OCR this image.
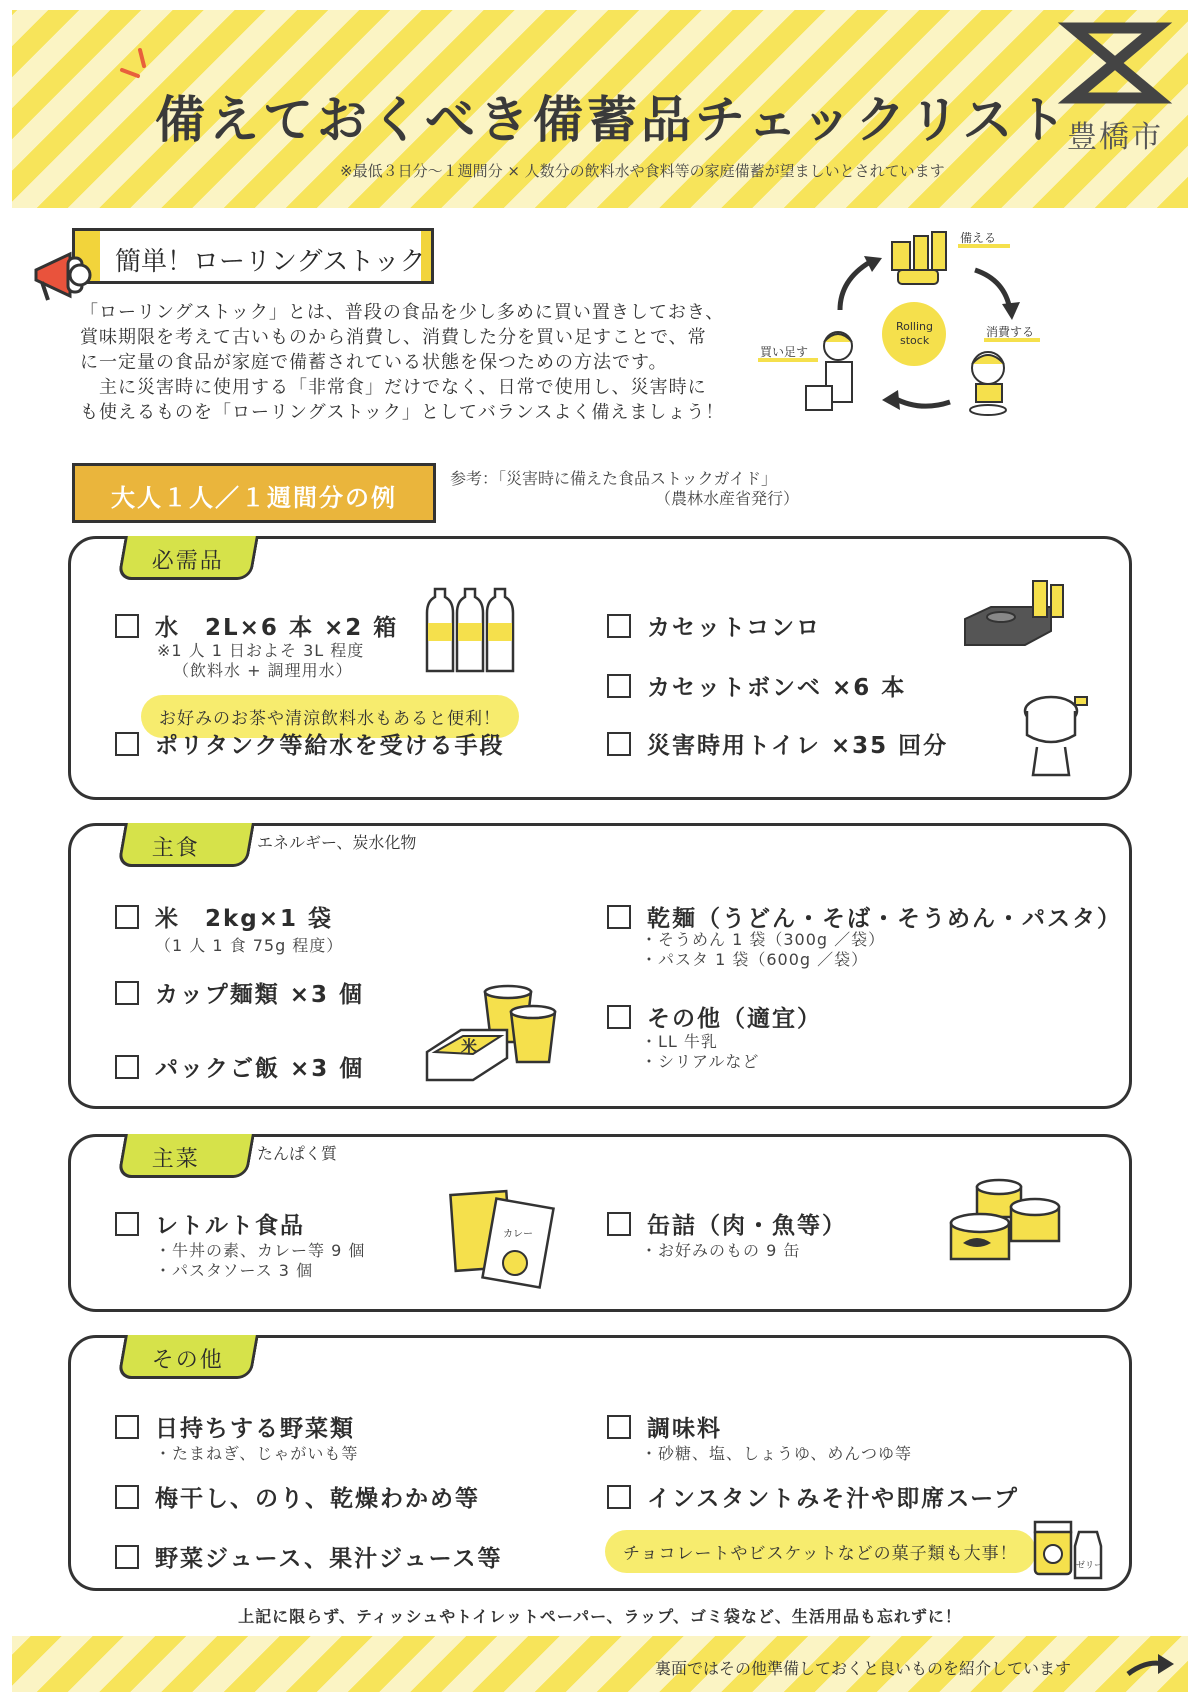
備えておくべき備蓄品チェックリスト
※最低３日分〜１週間分 × 人数分の飲料水や食料等の家庭備蓄が望ましいとされています
豊橋市
簡単！ローリングストック
「ローリングストック」とは、普段の食品を少し多めに買い置きしておき、
賞味期限を考えて古いものから消費し、消費した分を買い足すことで、常
に一定量の食品が家庭で備蓄されている状態を保つための方法です。
　主に災害時に使用する「非常食」だけでなく、日常で使用し、災害時に
も使えるものを「ローリングストック」としてバランスよく備えましょう！
備える
Rolling
stock
消費する
買い足す
大人１人／１週間分の例
参考：「災害時に備えた食品ストックガイド」
（農林水産省発行）
必需品
水　2L×6 本 ×2 箱
※1 人 1 日およそ 3L 程度
（飲料水 + 調理用水）
お好みのお茶や清涼飲料水もあると便利！
ポリタンク等給水を受ける手段
カセットコンロ
カセットボンベ ×6 本
災害時用トイレ ×35 回分
主食	エネルギー、炭水化物
米　2kg×1 袋
（1 人 1 食 75g 程度）
カップ麺類 ×3 個
パックご飯 ×3 個
米
乾麺（うどん・そば・そうめん・パスタ）
・そうめん 1 袋（300g ／袋）
・パスタ 1 袋（600g ／袋）
その他（適宜）
・LL 牛乳
・シリアルなど
主菜	たんぱく質
レトルト食品
・牛丼の素、カレー等 9 個
・パスタソース 3 個
カレー	缶詰（肉・魚等）
・お好みのもの 9 缶
その他
日持ちする野菜類
・たまねぎ、じゃがいも等
梅干し、のり、乾燥わかめ等
野菜ジュース、果汁ジュース等
調味料
・砂糖、塩、しょうゆ、めんつゆ等
インスタントみそ汁や即席スープ
チョコレートやビスケットなどの菓子類も大事！
ゼリー
上記に限らず、ティッシュやトイレットペーパー、ラップ、ゴミ袋など、生活用品も忘れずに！
裏面ではその他準備しておくと良いものを紹介しています
